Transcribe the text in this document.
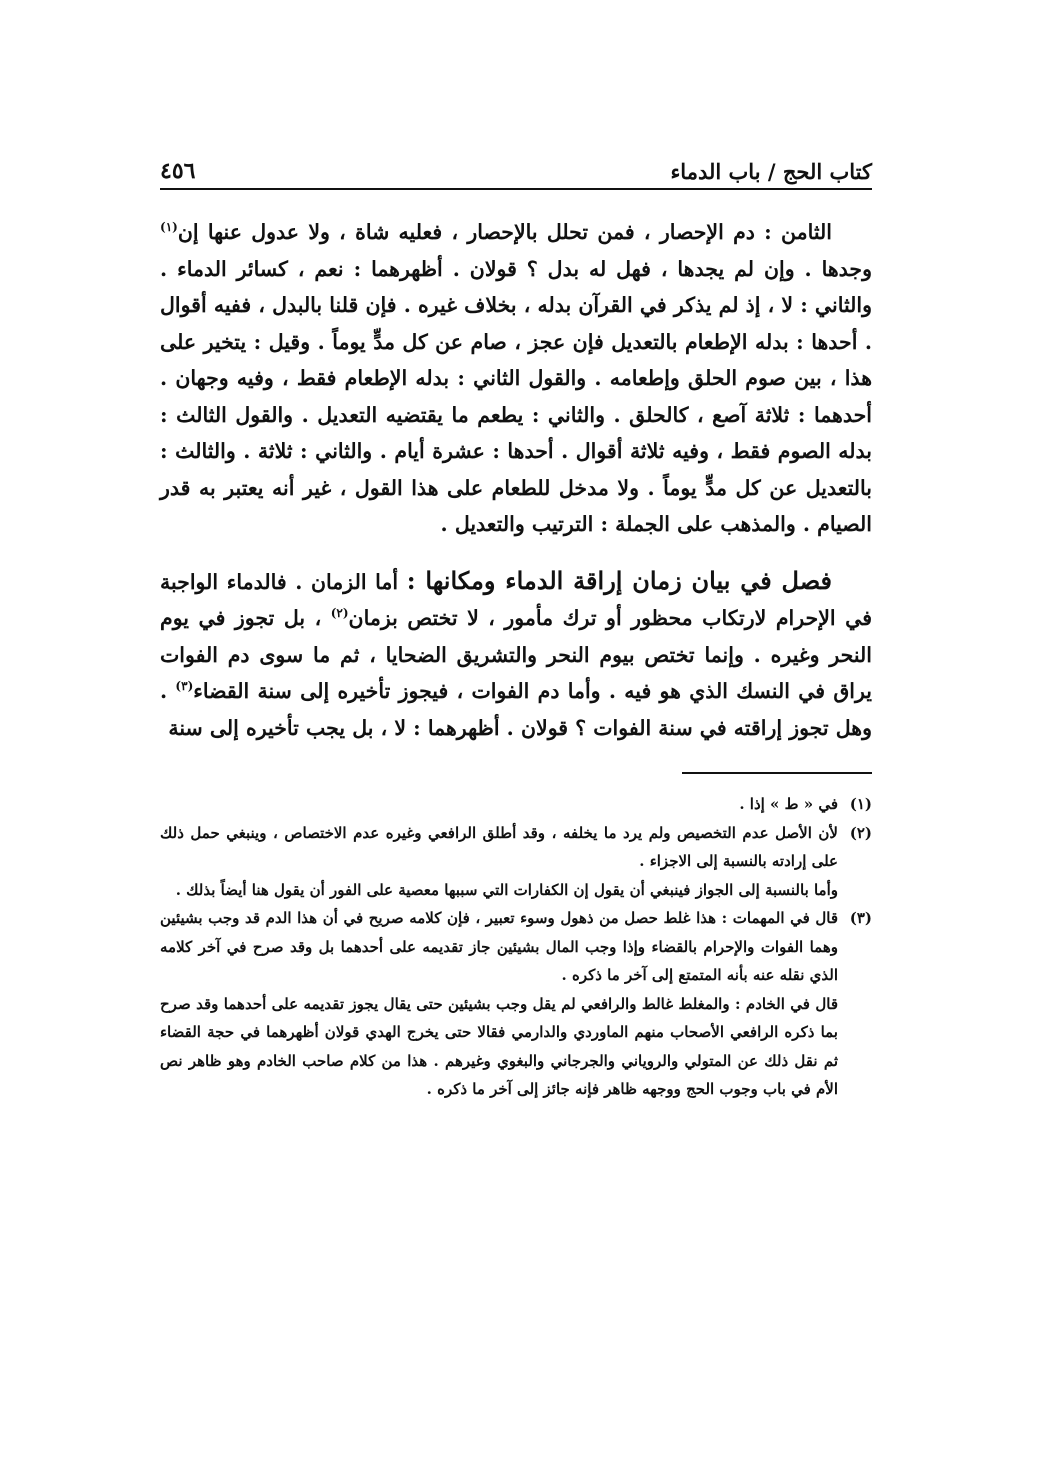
كتاب الحج / باب الدماء
٤٥٦

الثامن : دم الإحصار ، فمن تحلل بالإحصار ، فعليه شاة ، ولا عدول عنها إن$^{(١)}$ وجدها . وإن لم يجدها ، فهل له بدل ؟ قولان . أظهرهما : نعم ، كسائر الدماء . والثاني : لا ، إذ لم يذكر في القرآن بدله ، بخلاف غيره . فإن قلنا بالبدل ، ففيه أقوال . أحدها : بدله الإطعام بالتعديل فإن عجز ، صام عن كل مدٍّ يوماً . وقيل : يتخير على هذا ، بين صوم الحلق وإطعامه . والقول الثاني : بدله الإطعام فقط ، وفيه وجهان . أحدهما : ثلاثة آصع ، كالحلق . والثاني : يطعم ما يقتضيه التعديل . والقول الثالث : بدله الصوم فقط ، وفيه ثلاثة أقوال . أحدها : عشرة أيام . والثاني : ثلاثة . والثالث : بالتعديل عن كل مدٍّ يوماً . ولا مدخل للطعام على هذا القول ، غير أنه يعتبر به قدر الصيام . والمذهب على الجملة : الترتيب والتعديل .

فصل في بيان زمان إراقة الدماء ومكانها : أما الزمان . فالدماء الواجبة في الإحرام لارتكاب محظور أو ترك مأمور ، لا تختص بزمان$^{(٢)}$ ، بل تجوز في يوم النحر وغيره . وإنما تختص بيوم النحر والتشريق الضحايا ، ثم ما سوى دم الفوات يراق في النسك الذي هو فيه . وأما دم الفوات ، فيجوز تأخيره إلى سنة القضاء$^{(٣)}$ . وهل تجوز إراقته في سنة الفوات ؟ قولان . أظهرهما : لا ، بل يجب تأخيره إلى سنة

(١)

في « ط » إذا .

(٢)

لأن الأصل عدم التخصيص ولم يرد ما يخلفه ، وقد أطلق الرافعي وغيره عدم الاختصاص ، وينبغي حمل ذلك على إرادته بالنسبة إلى الاجزاء .

وأما بالنسبة إلى الجواز فينبغي أن يقول إن الكفارات التي سببها معصية على الفور أن يقول هنا أيضاً بذلك .

(٣)

قال في المهمات : هذا غلط حصل من ذهول وسوء تعبير ، فإن كلامه صريح في أن هذا الدم قد وجب بشيئين وهما الفوات والإحرام بالقضاء وإذا وجب المال بشيئين جاز تقديمه على أحدهما بل وقد صرح في آخر كلامه الذي نقله عنه بأنه المتمتع إلى آخر ما ذكره .

قال في الخادم : والمغلط غالط والرافعي لم يقل وجب بشيئين حتى يقال يجوز تقديمه على أحدهما وقد صرح بما ذكره الرافعي الأصحاب منهم الماوردي والدارمي فقالا حتى يخرج الهدي قولان أظهرهما في حجة القضاء ثم نقل ذلك عن المتولي والروياني والجرجاني والبغوي وغيرهم . هذا من كلام صاحب الخادم وهو ظاهر نص الأم في باب وجوب الحج ووجهه ظاهر فإنه جائز إلى آخر ما ذكره .
